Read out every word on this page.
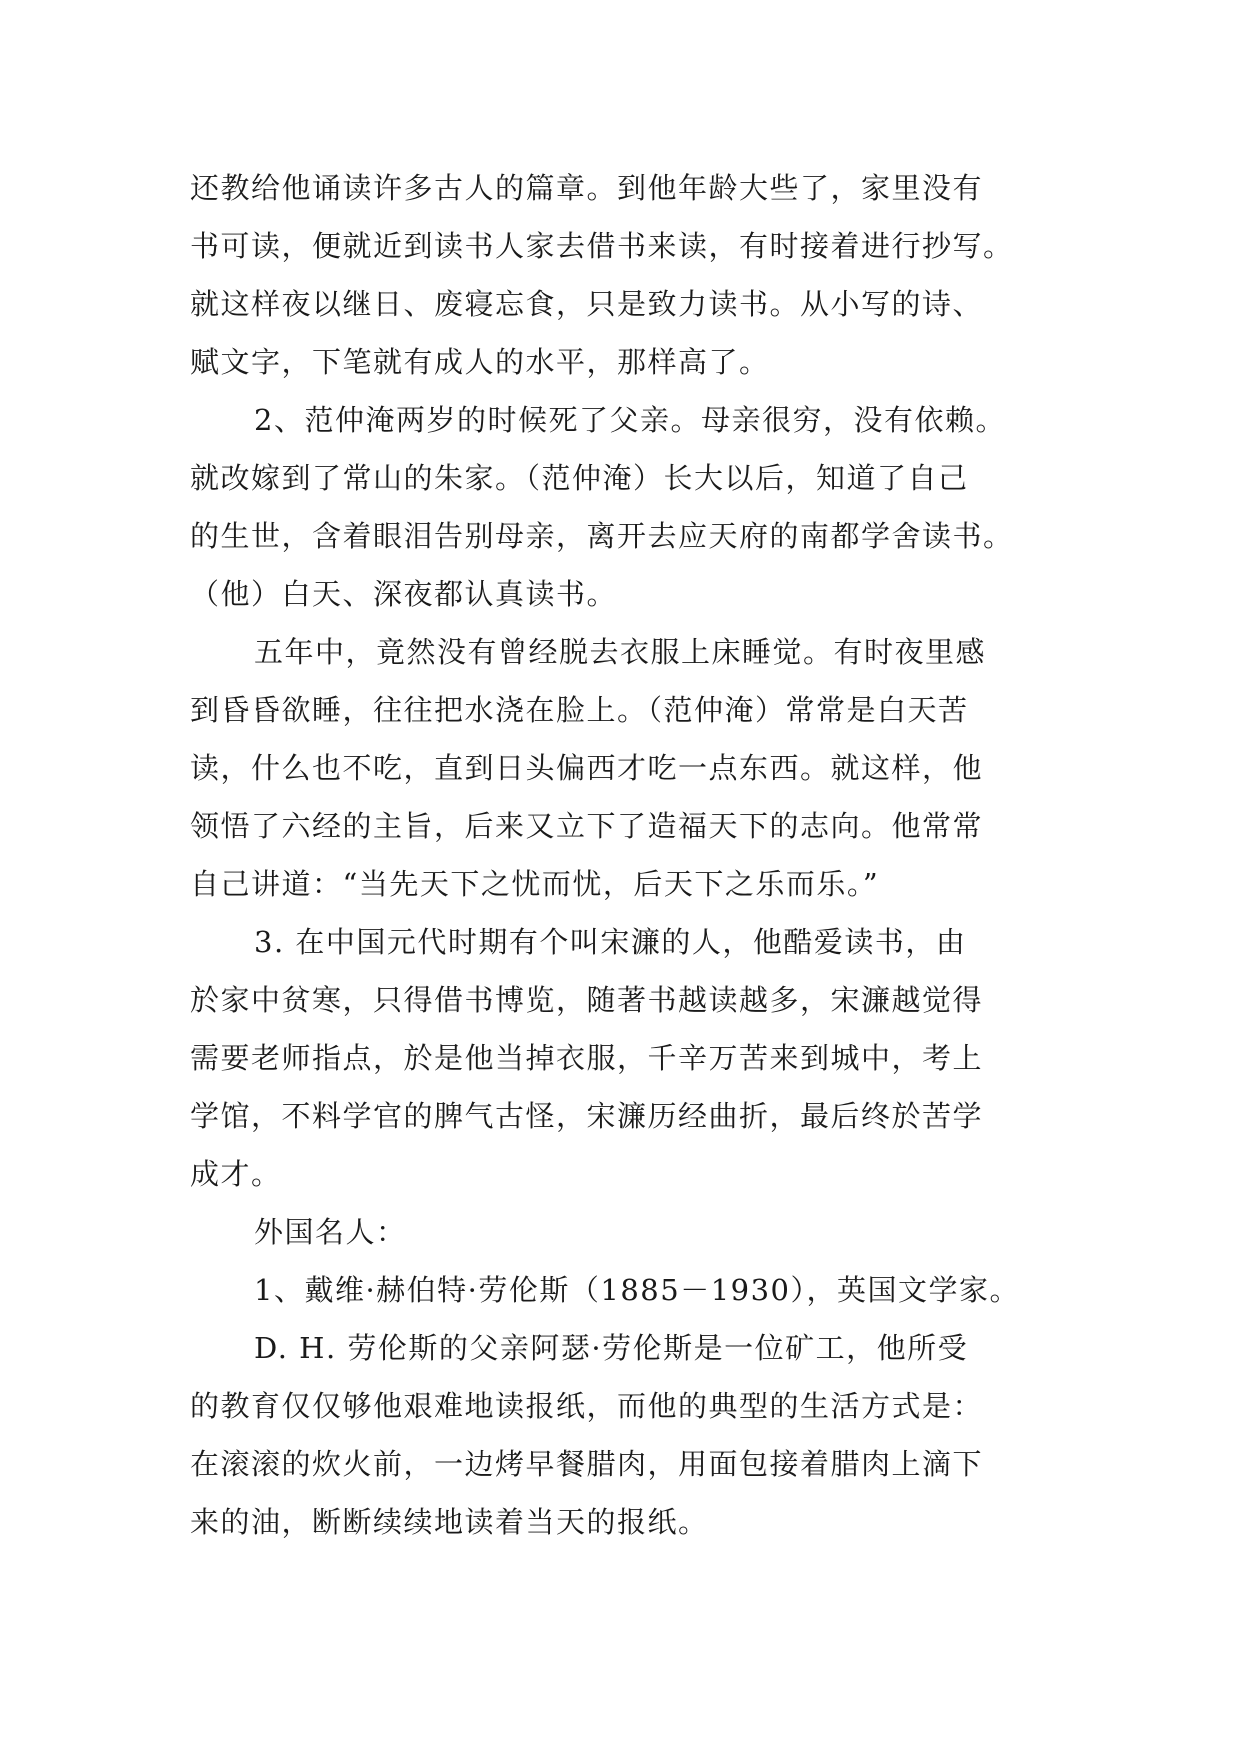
还教给他诵读许多古人的篇章。到他年龄大些了，家里没有
书可读，便就近到读书人家去借书来读，有时接着进行抄写。
就这样夜以继日、废寝忘食，只是致力读书。从小写的诗、
赋文字，下笔就有成人的水平，那样高了。
2、范仲淹两岁的时候死了父亲。母亲很穷，没有依赖。
就改嫁到了常山的朱家。（范仲淹）长大以后，知道了自己
的生世，含着眼泪告别母亲，离开去应天府的南都学舍读书。
（他）白天、深夜都认真读书。
五年中，竟然没有曾经脱去衣服上床睡觉。有时夜里感
到昏昏欲睡，往往把水浇在脸上。（范仲淹）常常是白天苦
读，什么也不吃，直到日头偏西才吃一点东西。就这样，他
领悟了六经的主旨，后来又立下了造福天下的志向。他常常
自己讲道：“当先天下之忧而忧，后天下之乐而乐。”
3. 在中国元代时期有个叫宋濂的人，他酷爱读书，由
於家中贫寒，只得借书博览，随著书越读越多，宋濂越觉得
需要老师指点，於是他当掉衣服，千辛万苦来到城中，考上
学馆，不料学官的脾气古怪，宋濂历经曲折，最后终於苦学
成才。
外国名人：
1、戴维·赫伯特·劳伦斯（1885－1930），英国文学家。
D. H. 劳伦斯的父亲阿瑟·劳伦斯是一位矿工，他所受
的教育仅仅够他艰难地读报纸，而他的典型的生活方式是：
在滚滚的炊火前，一边烤早餐腊肉，用面包接着腊肉上滴下
来的油，断断续续地读着当天的报纸。
